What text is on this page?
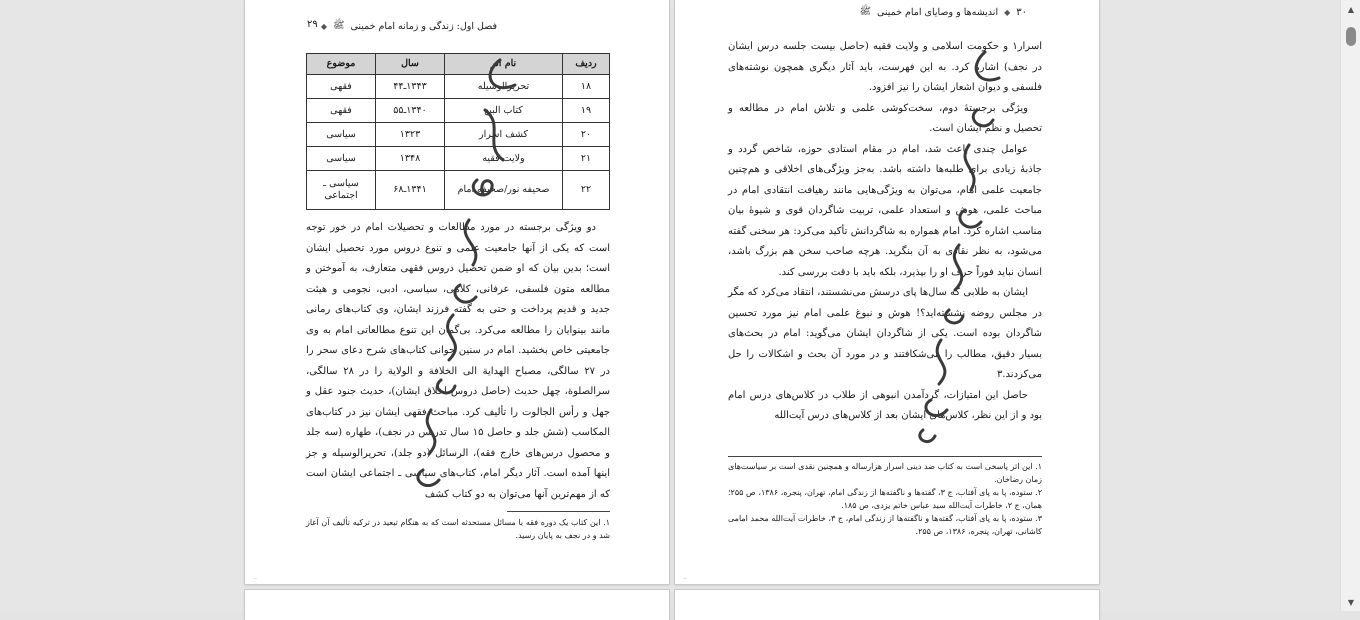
فصل اول: زندگی و زمانه امام خمینی
ﷺ
◆
۲۹
ردیف	نام اثر	سال	موضوع
۱۸	تحریرالوسیله	۱۳۴۳ـ۴۴	فقهی
۱۹	کتاب البیع	۱۳۴۰ـ۵۵	فقهی
۲۰	کشف اسرار	۱۳۲۳	سیاسی
۲۱	ولایت فقیه	۱۳۴۸	سیاسی
۲۲	صحیفه نور/صحیفه امام	۱۳۴۱ـ۶۸	سیاسی ـ اجتماعی

دو ویژگی برجسته در مورد مطالعات و تحصیلات امام در خور توجه است که یکی از آنها جامعیت علمی و تنوع دروس مورد تحصیل ایشان است؛ بدین بیان که او ضمن تحصیل دروس فقهی متعارف، به آموختن و مطالعه متون فلسفی، عرفانی، کلامی، سیاسی، ادبی، نجومی و هیئت جدید و قدیم پرداخت و حتی به گفته فرزند ایشان، وی کتاب‌های رمانی مانند بینوایان را مطالعه می‌کرد. بی‌گمان این تنوع مطالعاتی امام به وی جامعیتی خاص بخشید. امام در سنین جوانی کتاب‌های شرح دعای سحر را در ۲۷ سالگی، مصباح الهدایة الی الخلافة و الولایة را در ۲۸ سالگی، سرالصلوة، چهل حدیث (حاصل دروس اخلاق ایشان)، حدیث جنود عقل و جهل و رأس الجالوت را تألیف کرد. مباحث فقهی ایشان نیز در کتاب‌های المکاسب (شش جلد و حاصل ۱۵ سال تدریس در نجف)، طهاره (سه جلد و محصول درس‌های خارج فقه)، الرسائل (دو جلد)، تحریرالوسیله و جز اینها آمده است. آثار دیگر امام، کتاب‌های سیاسی ـ اجتماعی ایشان است که از مهم‌ترین آنها می‌توان به دو کتاب کشف

۱. این کتاب یک دوره فقه با مسائل مستحدثه است که به هنگام تبعید در ترکیه تألیف آن آغاز شد و در نجف به پایان رسید.

—
۳۰
◆
اندیشه‌ها و وصایای امام خمینی
ﷺ

اسرار۱ و حکومت اسلامی و ولایت فقیه (حاصل بیست جلسه درس ایشان در نجف) اشاره کرد. به این فهرست، باید آثار دیگری همچون نوشته‌های فلسفی و دیوان اشعار ایشان را نیز افزود.

ویژگی برجستهٔ دوم، سخت‌کوشی علمی و تلاش امام در مطالعه و تحصیل و نظم ایشان است.

عوامل چندی باعث شد، امام در مقام استادی حوزه، شاخص گردد و جاذبهٔ زیادی برای طلبه‌ها داشته باشد. به‌جز ویژگی‌های اخلاقی و هم‌چنین جامعیت علمی امام، می‌توان به ویژگی‌هایی مانند رهیافت انتقادی امام در مباحث علمی، هوش و استعداد علمی، تربیت شاگردان قوی و شیوهٔ بیان مناسب اشاره کرد. امام همواره به شاگردانش تأکید می‌کرد: هر سخنی گفته می‌شود، به نظر نقادی به آن بنگرید. هرچه صاحب سخن هم بزرگ باشد، انسان نباید فوراً حرف او را بپذیرد، بلکه باید با دقت بررسی کند.

ایشان به طلابی که سال‌ها پای درسش می‌نشستند، انتقاد می‌کرد که مگر در مجلس روضه نشسته‌اید؟! هوش و نبوغ علمی امام نیز مورد تحسین شاگردان بوده است. یکی از شاگردان ایشان می‌گوید: امام در بحث‌های بسیار دقیق، مطالب را می‌شکافتند و در مورد آن بحث و اشکالات را حل می‌کردند.۳

حاصل این امتیازات، گردآمدن انبوهی از طلاب در کلاس‌های درس امام بود و از این نظر، کلاس‌های ایشان بعد از کلاس‌های درس آیت‌الله

۱. این اثر پاسخی است به کتاب ضد دینی اسرار هزارساله و همچنین نقدی است بر سیاست‌های زمان رضاخان.

۲. ستوده، پا به پای آفتاب، ج ۳، گفته‌ها و ناگفته‌ها از زندگی امام، تهران، پنجره، ۱۳۸۶، ص ۲۵۵؛ همان، ج ۲، خاطرات آیت‌الله سید عباس خاتم یزدی، ص ۱۸۵.

۳. ستوده، پا به پای آفتاب، گفته‌ها و ناگفته‌ها از زندگی امام، ج ۳، خاطرات آیت‌الله محمد امامی کاشانی، تهران، پنجره، ۱۳۸۶، ص ۲۵۵.

—
▲
▼
